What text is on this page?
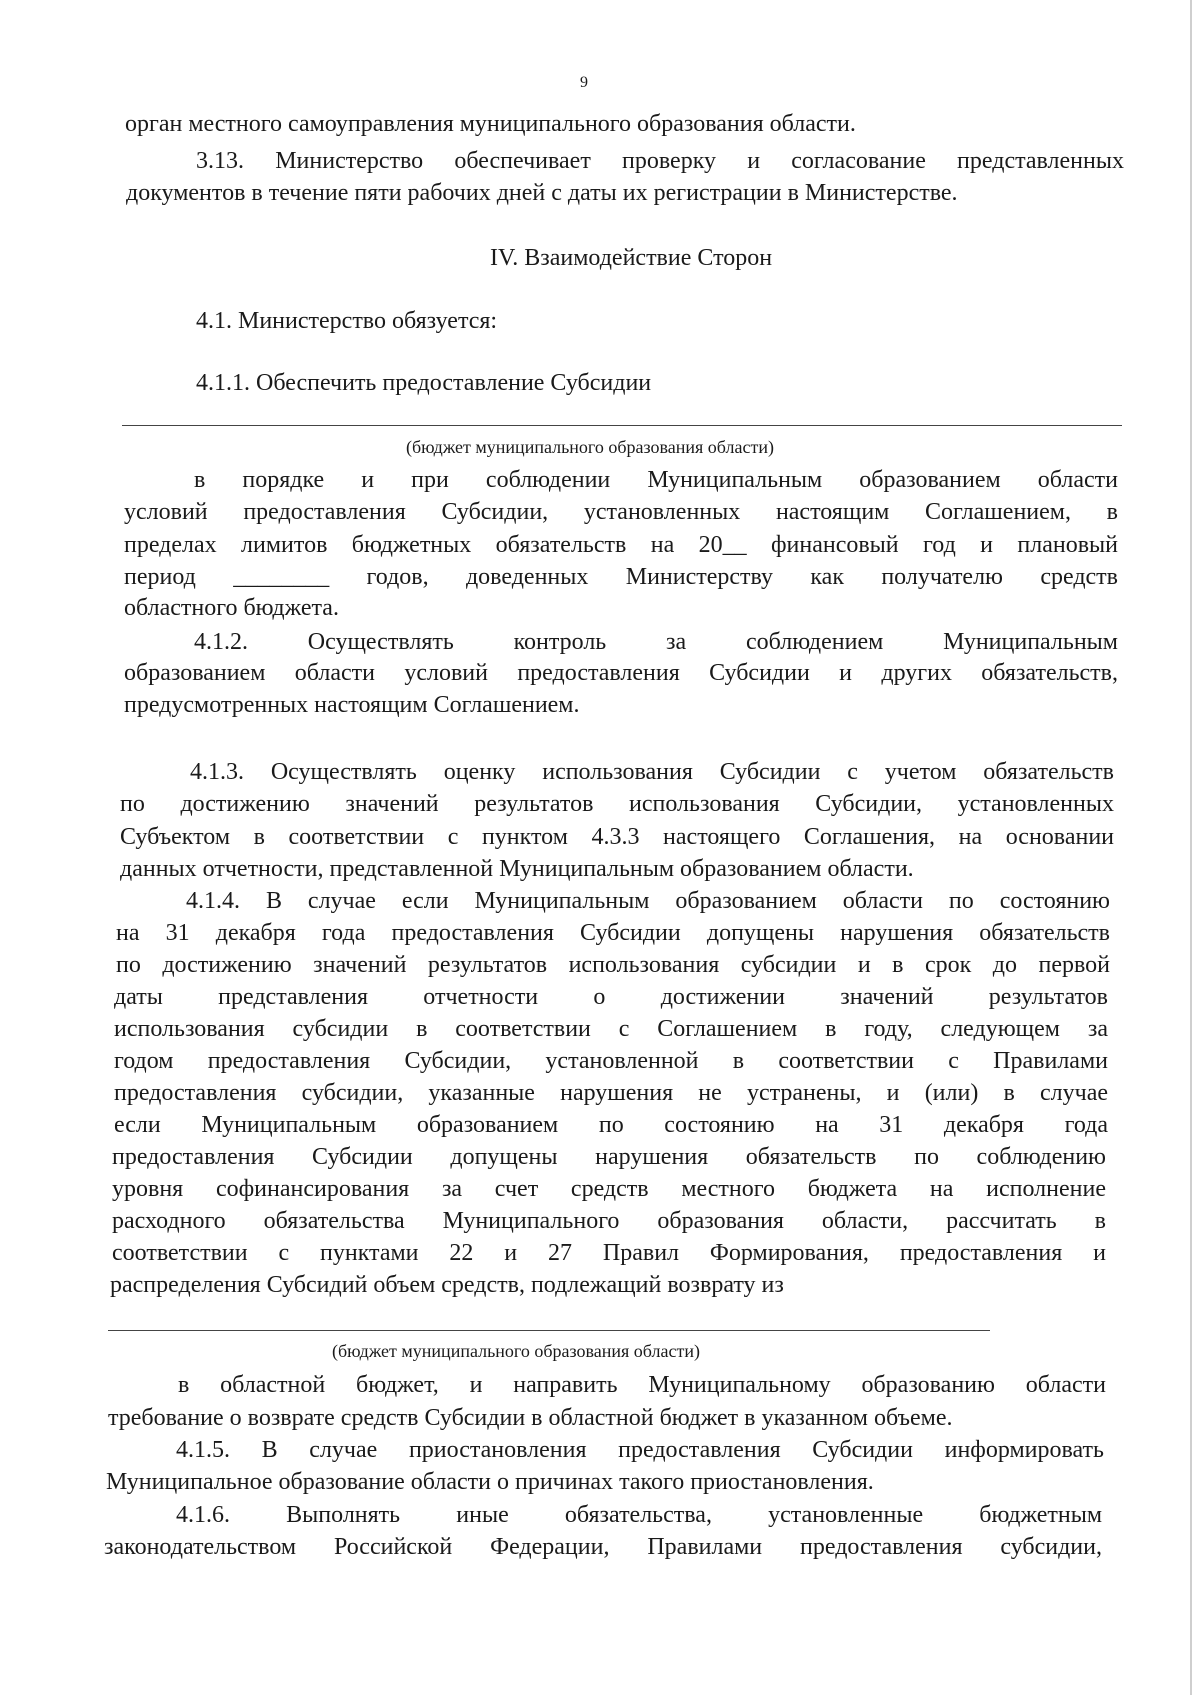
9
орган местного самоуправления муниципального образования области.
3.13. Министерство обеспечивает проверку и согласование представленных
документов в течение пяти рабочих дней с даты их регистрации в Министерстве.
IV. Взаимодействие Сторон
4.1. Министерство обязуется:
4.1.1. Обеспечить предоставление Субсидии
(бюджет муниципального образования области)
в порядке и при соблюдении Муниципальным образованием области
условий предоставления Субсидии, установленных настоящим Соглашением, в
пределах лимитов бюджетных обязательств на 20__ финансовый год и плановый
период ________ годов, доведенных Министерству как получателю средств
областного бюджета.
4.1.2. Осуществлять контроль за соблюдением Муниципальным
образованием области условий предоставления Субсидии и других обязательств,
предусмотренных настоящим Соглашением.
4.1.3. Осуществлять оценку использования Субсидии с учетом обязательств
по достижению значений результатов использования Субсидии, установленных
Субъектом в соответствии с пунктом 4.3.3 настоящего Соглашения, на основании
данных отчетности, представленной Муниципальным образованием области.
4.1.4. В случае если Муниципальным образованием области по состоянию
на 31 декабря года предоставления Субсидии допущены нарушения обязательств
по достижению значений результатов использования субсидии и в срок до первой
даты представления отчетности о достижении значений результатов
использования субсидии в соответствии с Соглашением в году, следующем за
годом предоставления Субсидии, установленной в соответствии с Правилами
предоставления субсидии, указанные нарушения не устранены, и (или) в случае
если Муниципальным образованием по состоянию на 31 декабря года
предоставления Субсидии допущены нарушения обязательств по соблюдению
уровня софинансирования за счет средств местного бюджета на исполнение
расходного обязательства Муниципального образования области, рассчитать в
соответствии с пунктами 22 и 27 Правил Формирования, предоставления и
распределения Субсидий объем средств, подлежащий возврату из
(бюджет муниципального образования области)
в областной бюджет, и направить Муниципальному образованию области
требование о возврате средств Субсидии в областной бюджет в указанном объеме.
4.1.5. В случае приостановления предоставления Субсидии информировать
Муниципальное образование области о причинах такого приостановления.
4.1.6. Выполнять иные обязательства, установленные бюджетным
законодательством Российской Федерации, Правилами предоставления субсидии,
